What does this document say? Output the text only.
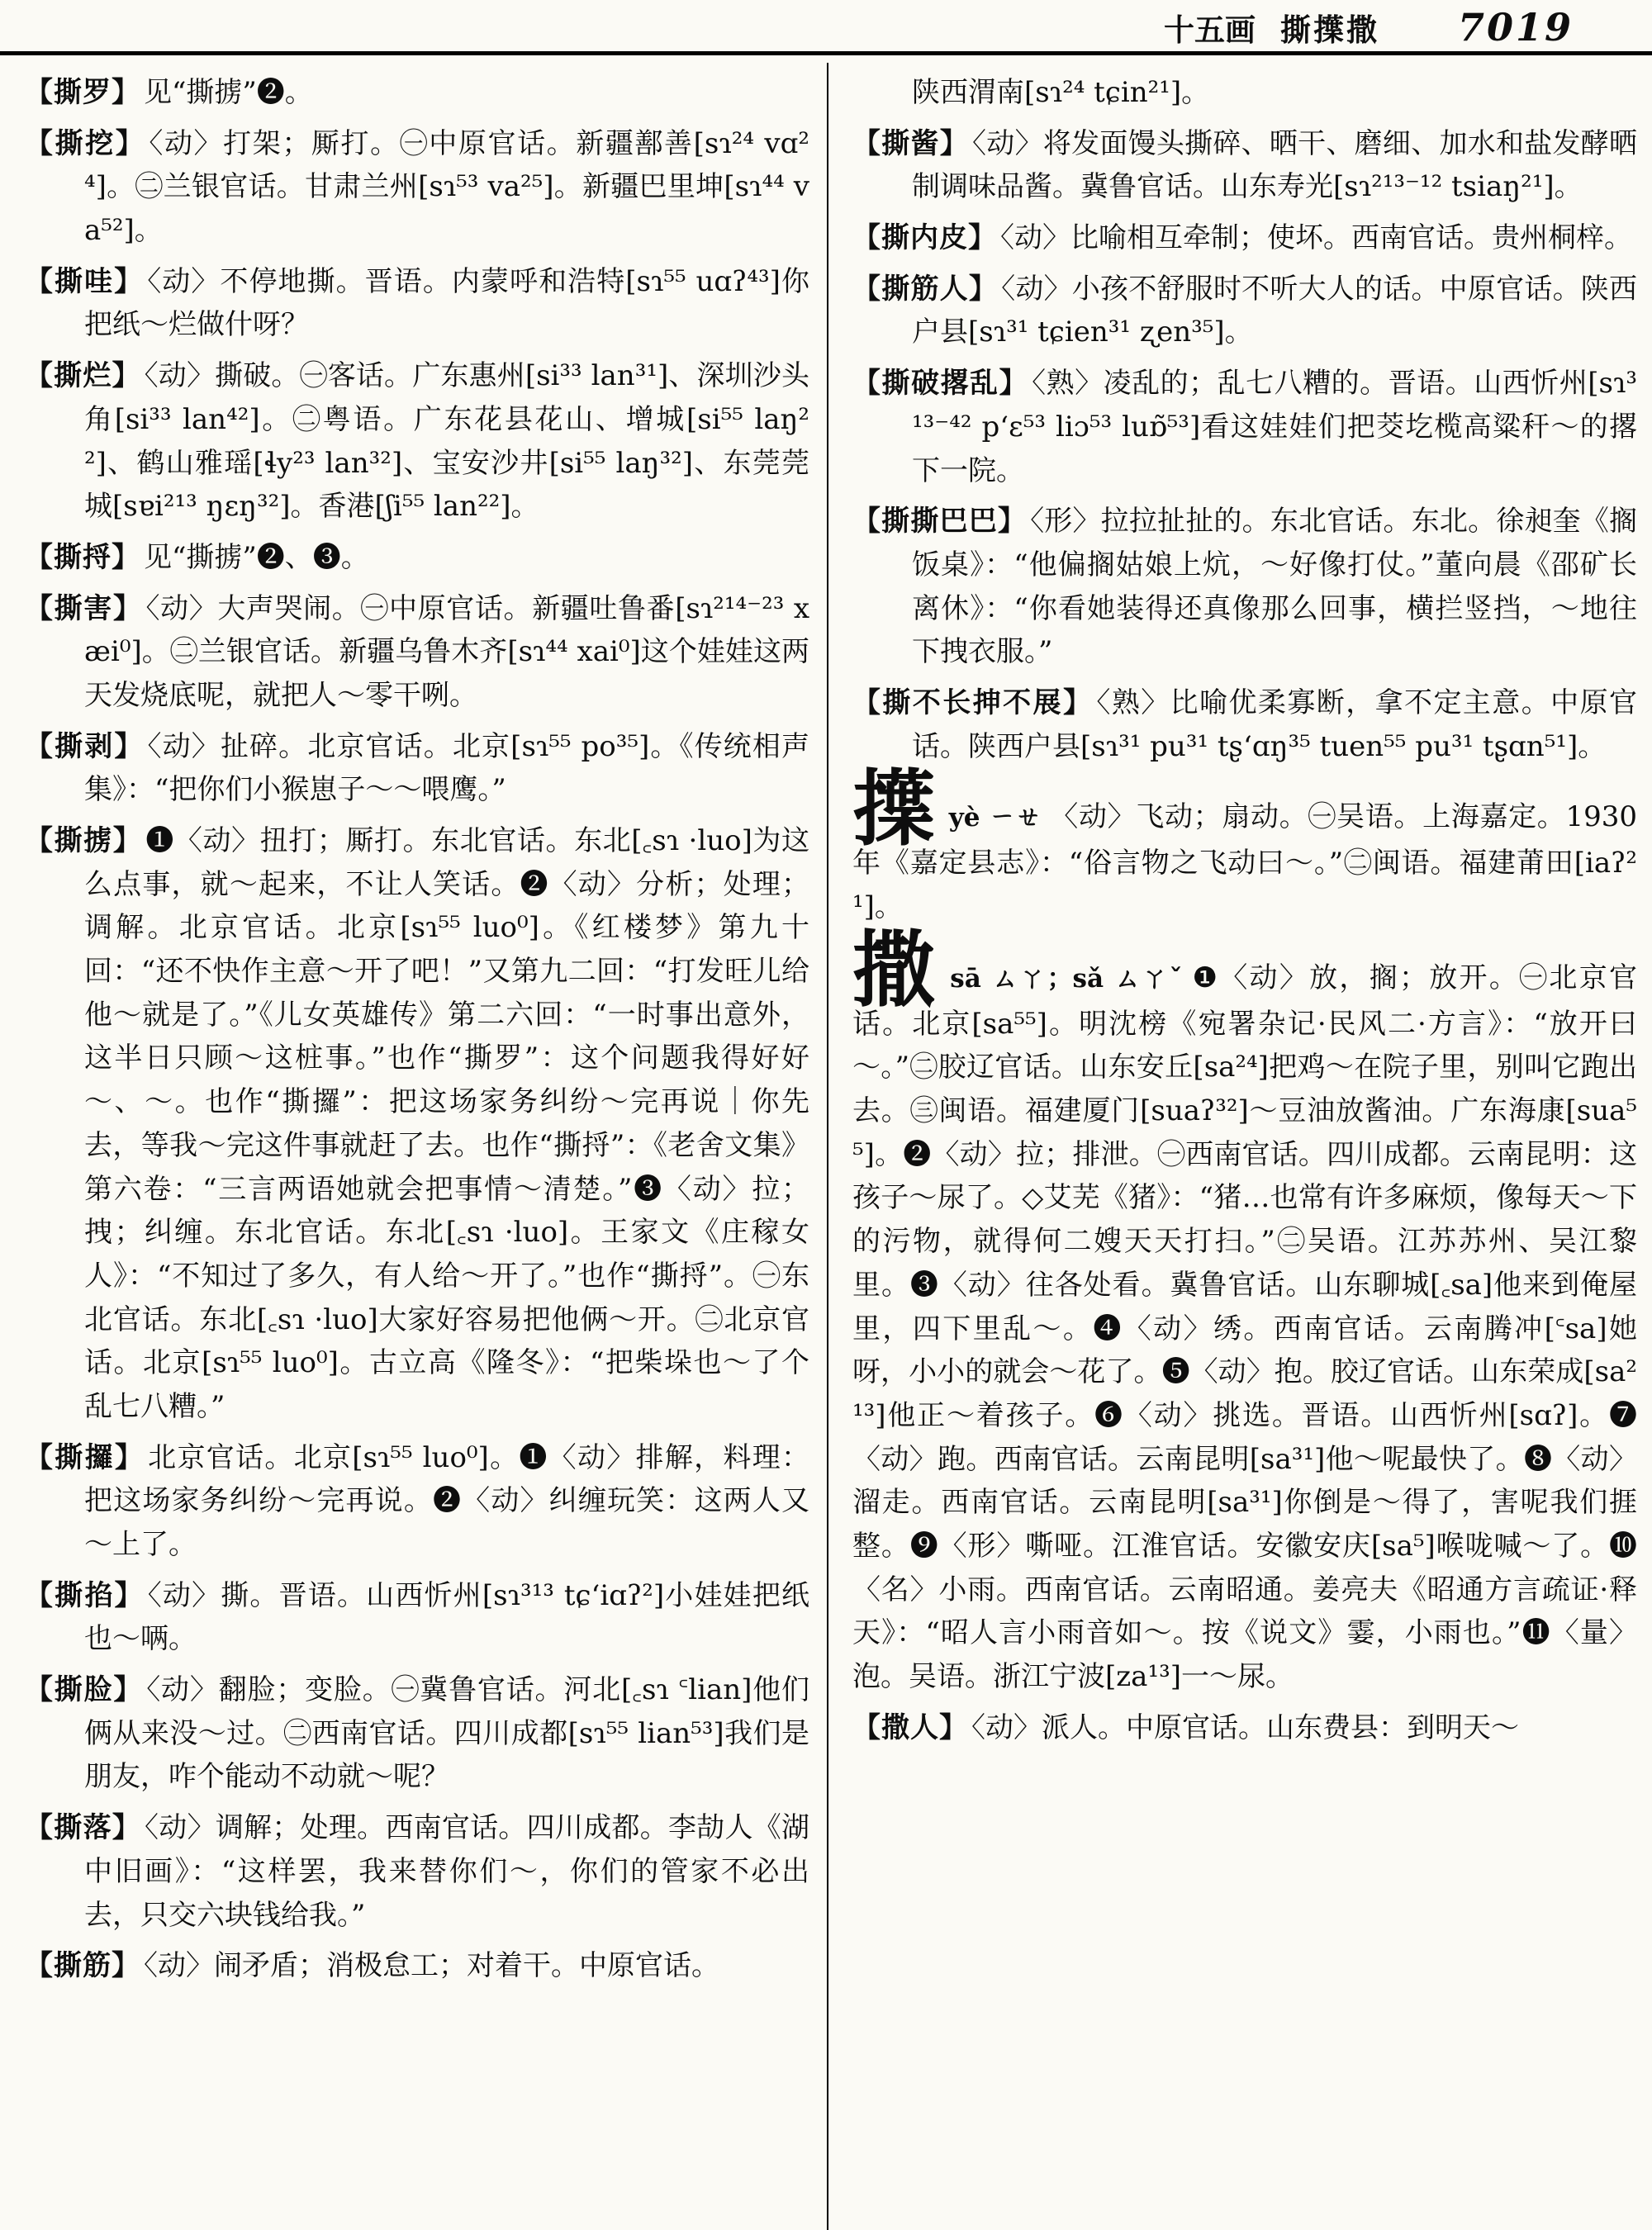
十五画 撕擛撒 7019

【撕罗】 见“撕掳”❷。

【撕挖】 〈动〉打架；厮打。㊀中原官话。新疆鄯善[sɿ²⁴ vɑ²⁴]。㊁兰银官话。甘肃兰州[sɿ⁵³ va²⁵]。新疆巴里坤[sɿ⁴⁴ va⁵²]。

【撕哇】 〈动〉不停地撕。晋语。内蒙呼和浩特[sɿ⁵⁵ uɑʔ⁴³]你把纸～烂做什呀？

【撕烂】 〈动〉撕破。㊀客话。广东惠州[si³³ lan³¹]、深圳沙头角[si³³ lan⁴²]。㊁粤语。广东花县花山、增城[si⁵⁵ laŋ²²]、鹤山雅瑶[ɬy²³ lan³²]、宝安沙井[si⁵⁵ laŋ³²]、东莞莞城[sɐi²¹³ ŋɛŋ³²]。香港[ʃi⁵⁵ lan²²]。

【撕捋】 见“撕掳”❷、❸。

【撕害】 〈动〉大声哭闹。㊀中原官话。新疆吐鲁番[sɿ²¹⁴⁻²³ xæi⁰]。㊁兰银官话。新疆乌鲁木齐[sɿ⁴⁴ xai⁰]这个娃娃这两天发烧底呢，就把人～零干咧。

【撕剥】 〈动〉扯碎。北京官话。北京[sɿ⁵⁵ po³⁵]。《传统相声集》：“把你们小猴崽子～～喂鹰。”

【撕掳】 ❶〈动〉扭打；厮打。东北官话。东北[꜀sɿ ·luo]为这么点事，就～起来，不让人笑话。❷〈动〉分析；处理；调解。北京官话。北京[sɿ⁵⁵ luo⁰]。《红楼梦》第九十回：“还不快作主意～开了吧！”又第九二回：“打发旺儿给他～就是了。”《儿女英雄传》第二六回：“一时事出意外，这半日只顾～这桩事。”也作“撕罗”：这个问题我得好好～、～。也作“撕攞”：把这场家务纠纷～完再说｜你先去，等我～完这件事就赶了去。也作“撕捋”：《老舍文集》第六卷：“三言两语她就会把事情～清楚。”❸〈动〉拉；拽；纠缠。东北官话。东北[꜀sɿ ·luo]。王家文《庄稼女人》：“不知过了多久，有人给～开了。”也作“撕捋”。㊀东北官话。东北[꜀sɿ ·luo]大家好容易把他俩～开。㊁北京官话。北京[sɿ⁵⁵ luo⁰]。古立高《隆冬》：“把柴垛也～了个乱七八糟。”

【撕攞】 北京官话。北京[sɿ⁵⁵ luo⁰]。❶〈动〉排解，料理：把这场家务纠纷～完再说。❷〈动〉纠缠玩笑：这两人又～上了。

【撕掐】 〈动〉撕。晋语。山西忻州[sɿ³¹³ tɕʻiɑʔ²]小娃娃把纸也～唡。

【撕脸】 〈动〉翻脸；变脸。㊀冀鲁官话。河北[꜀sɿ ꜂lian]他们俩从来没～过。㊁西南官话。四川成都[sɿ⁵⁵ lian⁵³]我们是朋友，咋个能动不动就～呢？

【撕落】 〈动〉调解；处理。西南官话。四川成都。李劼人《湖中旧画》：“这样罢，我来替你们～，你们的管家不必出去，只交六块钱给我。”

【撕筋】 〈动〉闹矛盾；消极怠工；对着干。中原官话。

陕西渭南[sɿ²⁴ tɕin²¹]。

【撕酱】 〈动〉将发面馒头撕碎、晒干、磨细、加水和盐发酵晒制调味品酱。冀鲁官话。山东寿光[sɿ²¹³⁻¹² tsiaŋ²¹]。

【撕内皮】 〈动〉比喻相互牵制；使坏。西南官话。贵州桐梓。

【撕筋人】 〈动〉小孩不舒服时不听大人的话。中原官话。陕西户县[sɿ³¹ tɕien³¹ ʐen³⁵]。

【撕破撂乱】 〈熟〉凌乱的；乱七八糟的。晋语。山西忻州[sɿ³¹³⁻⁴² pʻɛ⁵³ liɔ⁵³ luɒ̃⁵³]看这娃娃们把茭圪榄高粱秆～的撂下一院。

【撕撕巴巴】 〈形〉拉拉扯扯的。东北官话。东北。徐昶奎《搁饭桌》：“他偏搁姑娘上炕，～好像打仗。”董向晨《邵矿长离休》：“你看她装得还真像那么回事，横拦竖挡，～地往下拽衣服。”

【撕不长抻不展】 〈熟〉比喻优柔寡断，拿不定主意。中原官话。陕西户县[sɿ³¹ pu³¹ tʂʻɑŋ³⁵ tuen⁵⁵ pu³¹ tʂɑn⁵¹]。

擛yè ㄧㄝ 〈动〉飞动；扇动。㊀吴语。上海嘉定。1930年《嘉定县志》：“俗言物之飞动曰～。”㊁闽语。福建莆田[iaʔ²¹]。

撒sā ㄙㄚ；sǎ ㄙㄚˇ ❶〈动〉放，搁；放开。㊀北京官话。北京[sa⁵⁵]。明沈榜《宛署杂记·民风二·方言》：“放开曰～。”㊁胶辽官话。山东安丘[sa²⁴]把鸡～在院子里，别叫它跑出去。㊂闽语。福建厦门[suaʔ³²]～豆油放酱油。广东海康[sua⁵⁵]。❷〈动〉拉；排泄。㊀西南官话。四川成都。云南昆明：这孩子～尿了。◇艾芜《猪》：“猪…也常有许多麻烦，像每天～下的污物，就得何二嫂天天打扫。”㊁吴语。江苏苏州、吴江黎里。❸〈动〉往各处看。冀鲁官话。山东聊城[꜀sa]他来到俺屋里，四下里乱～。❹〈动〉绣。西南官话。云南腾冲[꜂sa]她呀，小小的就会～花了。❺〈动〉抱。胶辽官话。山东荣成[sa²¹³]他正～着孩子。❻〈动〉挑选。晋语。山西忻州[sɑʔ]。❼〈动〉跑。西南官话。云南昆明[sa³¹]他～呢最快了。❽〈动〉溜走。西南官话。云南昆明[sa³¹]你倒是～得了，害呢我们捱整。❾〈形〉嘶哑。江淮官话。安徽安庆[sa⁵]喉咙喊～了。❿〈名〉小雨。西南官话。云南昭通。姜亮夫《昭通方言疏证·释天》：“昭人言小雨音如～。按《说文》霎，小雨也。”⓫〈量〉泡。吴语。浙江宁波[za¹³]一～尿。

【撒人】 〈动〉派人。中原官话。山东费县：到明天～
